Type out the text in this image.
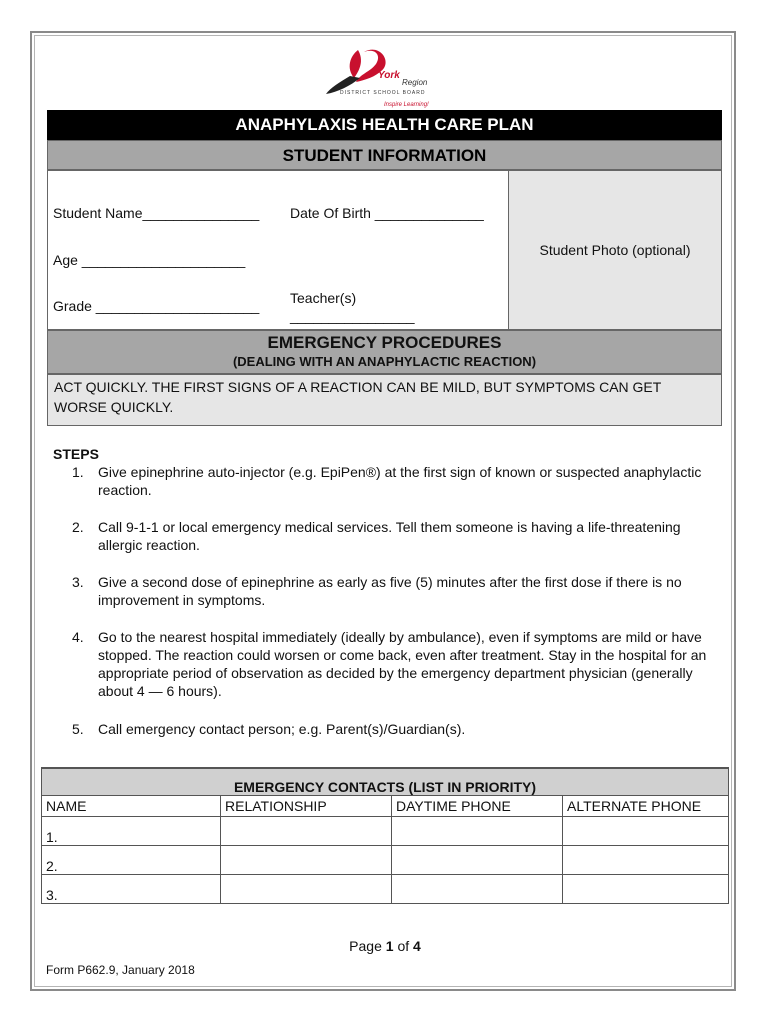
York
Region
DISTRICT SCHOOL BOARD
Inspire Learning!
ANAPHYLAXIS HEALTH CARE PLAN
STUDENT INFORMATION
Student Photo (optional)
Student Name_______________ Date Of Birth ______________
Age _____________________
Grade _____________________ Teacher(s)
________________
EMERGENCY PROCEDURES
(DEALING WITH AN ANAPHYLACTIC REACTION)
ACT QUICKLY. THE FIRST SIGNS OF A REACTION CAN BE MILD, BUT SYMPTOMS CAN GET WORSE QUICKLY.
STEPS
1.	Give epinephrine auto-injector (e.g. EpiPen®) at the first sign of known or suspected anaphylactic reaction.
2.	Call 9-1-1 or local emergency medical services. Tell them someone is having a life-threatening allergic reaction.
3.	Give a second dose of epinephrine as early as five (5) minutes after the first dose if there is no improvement in symptoms.
4.	Go to the nearest hospital immediately (ideally by ambulance), even if symptoms are mild or have stopped. The reaction could worsen or come back, even after treatment. Stay in the hospital for an appropriate period of observation as decided by the emergency department physician (generally about 4 — 6 hours).
5.	Call emergency contact person; e.g. Parent(s)/Guardian(s).
EMERGENCY CONTACTS (LIST IN PRIORITY)			
NAME	RELATIONSHIP	DAYTIME PHONE	ALTERNATE PHONE
1.			
2.			
3.			
Page 1 of 4
Form P662.9, January 2018
